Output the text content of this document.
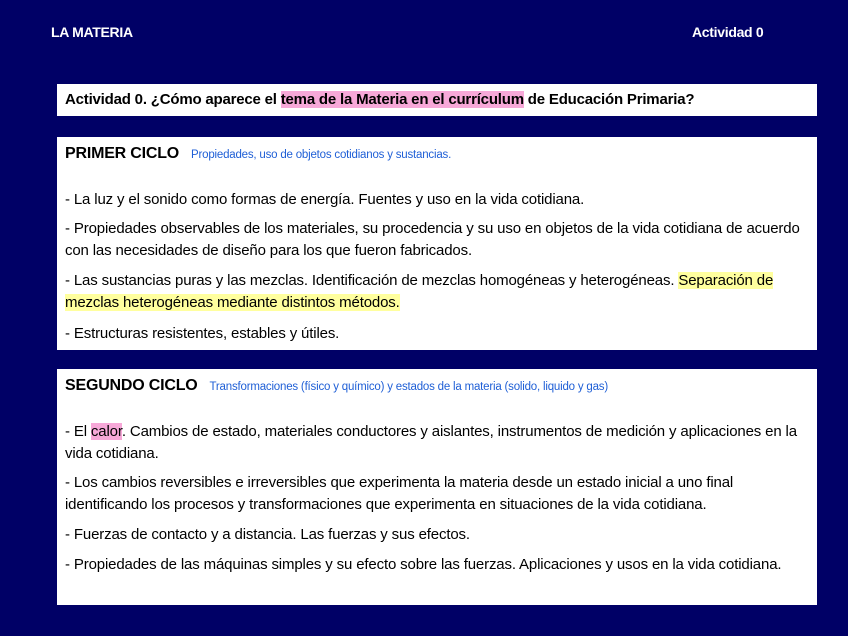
LA MATERIA	Actividad 0
Actividad 0. ¿Cómo aparece el tema de la Materia en el currículum de Educación Primaria?
PRIMER CICLO Propiedades, uso de objetos cotidianos y sustancias.
- La luz y el sonido como formas de energía. Fuentes y uso en la vida cotidiana.
- Propiedades observables de los materiales, su procedencia y su uso en objetos de la vida cotidiana de acuerdo con las necesidades de diseño para los que fueron fabricados.
- Las sustancias puras y las mezclas. Identificación de mezclas homogéneas y heterogéneas. Separación de mezclas heterogéneas mediante distintos métodos.
- Estructuras resistentes, estables y útiles.
SEGUNDO CICLO Transformaciones (físico y químico) y estados de la materia (solido, liquido y gas)
- El calor. Cambios de estado, materiales conductores y aislantes, instrumentos de medición y aplicaciones en la vida cotidiana.
- Los cambios reversibles e irreversibles que experimenta la materia desde un estado inicial a uno final identificando los procesos y transformaciones que experimenta en situaciones de la vida cotidiana.
- Fuerzas de contacto y a distancia. Las fuerzas y sus efectos.
- Propiedades de las máquinas simples y su efecto sobre las fuerzas. Aplicaciones y usos en la vida cotidiana.
